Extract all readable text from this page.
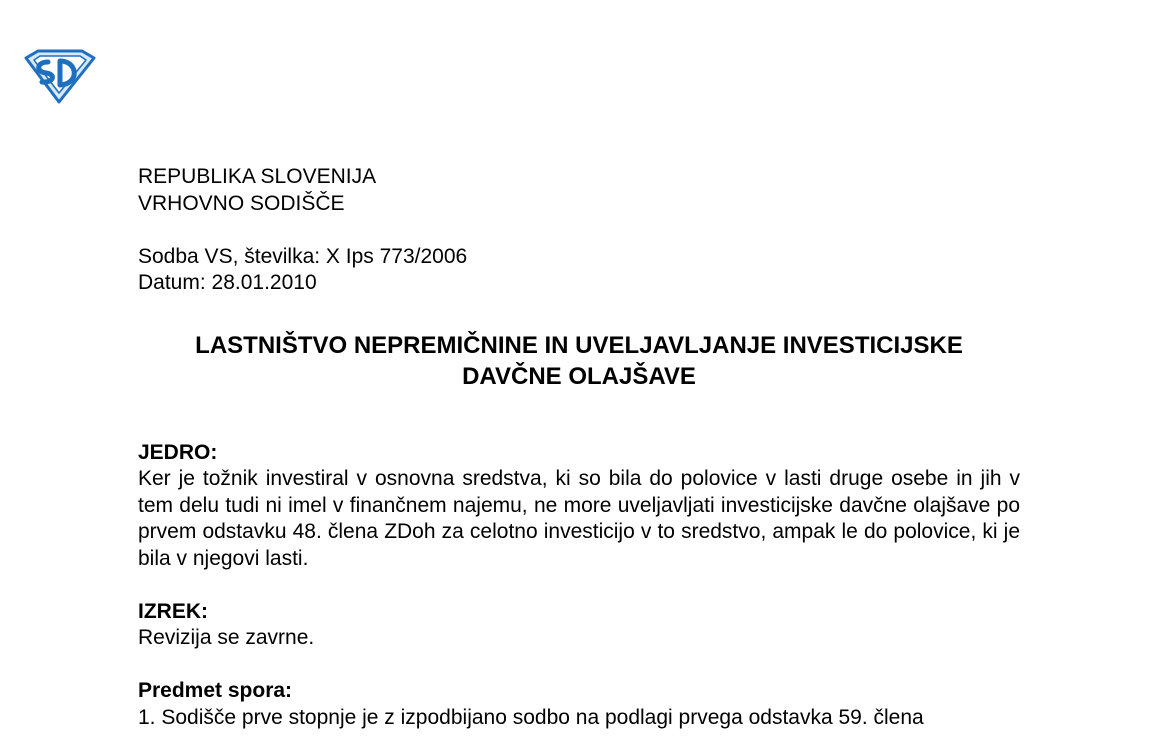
REPUBLIKA SLOVENIJA

VRHOVNO SODIŠČE

Sodba VS, številka: X Ips 773/2006

Datum: 28.01.2010

LASTNIŠTVO NEPREMIČNINE IN UVELJAVLJANJE INVESTICIJSKE
DAVČNE OLAJŠAVE

JEDRO:

Ker je tožnik investiral v osnovna sredstva, ki so bila do polovice v lasti druge osebe in jih v tem delu tudi ni imel v finančnem najemu, ne more uveljavljati investicijske davčne olajšave po prvem odstavku 48. člena ZDoh za celotno investicijo v to sredstvo, ampak le do polovice, ki je bila v njegovi lasti.

IZREK:

Revizija se zavrne.

Predmet spora:

1. Sodišče prve stopnje je z izpodbijano sodbo na podlagi prvega odstavka 59. člena
